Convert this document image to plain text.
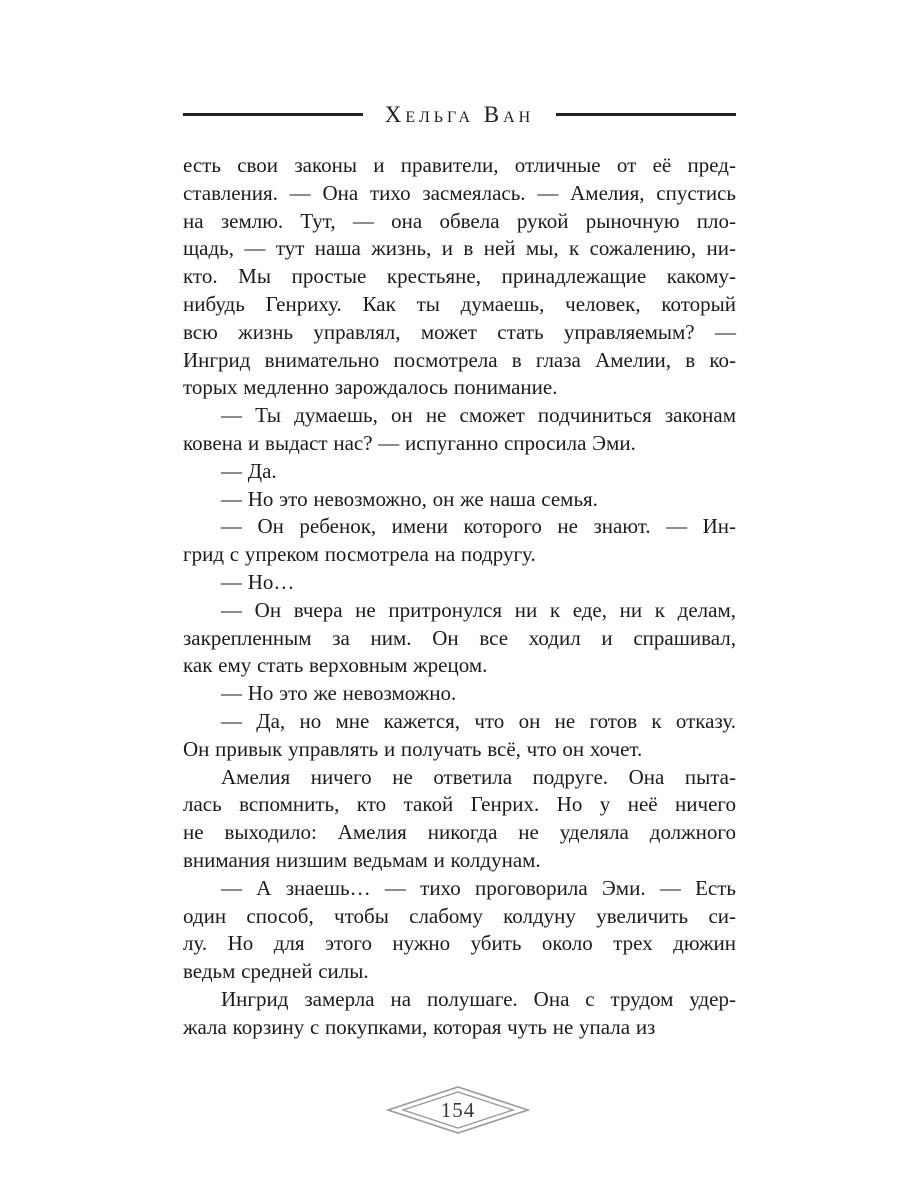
Хельга Ван
есть свои законы и правители, отличные от её пред-
ставления. — Она тихо засмеялась. — Амелия, спустись
на землю. Тут, — она обвела рукой рыночную пло-
щадь, — тут наша жизнь, и в ней мы, к сожалению, ни-
кто. Мы простые крестьяне, принадлежащие какому-
нибудь Генриху. Как ты думаешь, человек, который
всю жизнь управлял, может стать управляемым? —
Ингрид внимательно посмотрела в глаза Амелии, в ко-
торых медленно зарождалось понимание.
— Ты думаешь, он не сможет подчиниться законам
ковена и выдаст нас? — испуганно спросила Эми.
— Да.
— Но это невозможно, он же наша семья.
— Он ребенок, имени которого не знают. — Ин-
грид с упреком посмотрела на подругу.
— Но…
— Он вчера не притронулся ни к еде, ни к делам,
закрепленным за ним. Он все ходил и спрашивал,
как ему стать верховным жрецом.
— Но это же невозможно.
— Да, но мне кажется, что он не готов к отказу.
Он привык управлять и получать всё, что он хочет.
Амелия ничего не ответила подруге. Она пыта-
лась вспомнить, кто такой Генрих. Но у неё ничего
не выходило: Амелия никогда не уделяла должного
внимания низшим ведьмам и колдунам.
— А знаешь… — тихо проговорила Эми. — Есть
один способ, чтобы слабому колдуну увеличить си-
лу. Но для этого нужно убить около трех дюжин
ведьм средней силы.
Ингрид замерла на полушаге. Она с трудом удер-
жала корзину с покупками, которая чуть не упала из
154
